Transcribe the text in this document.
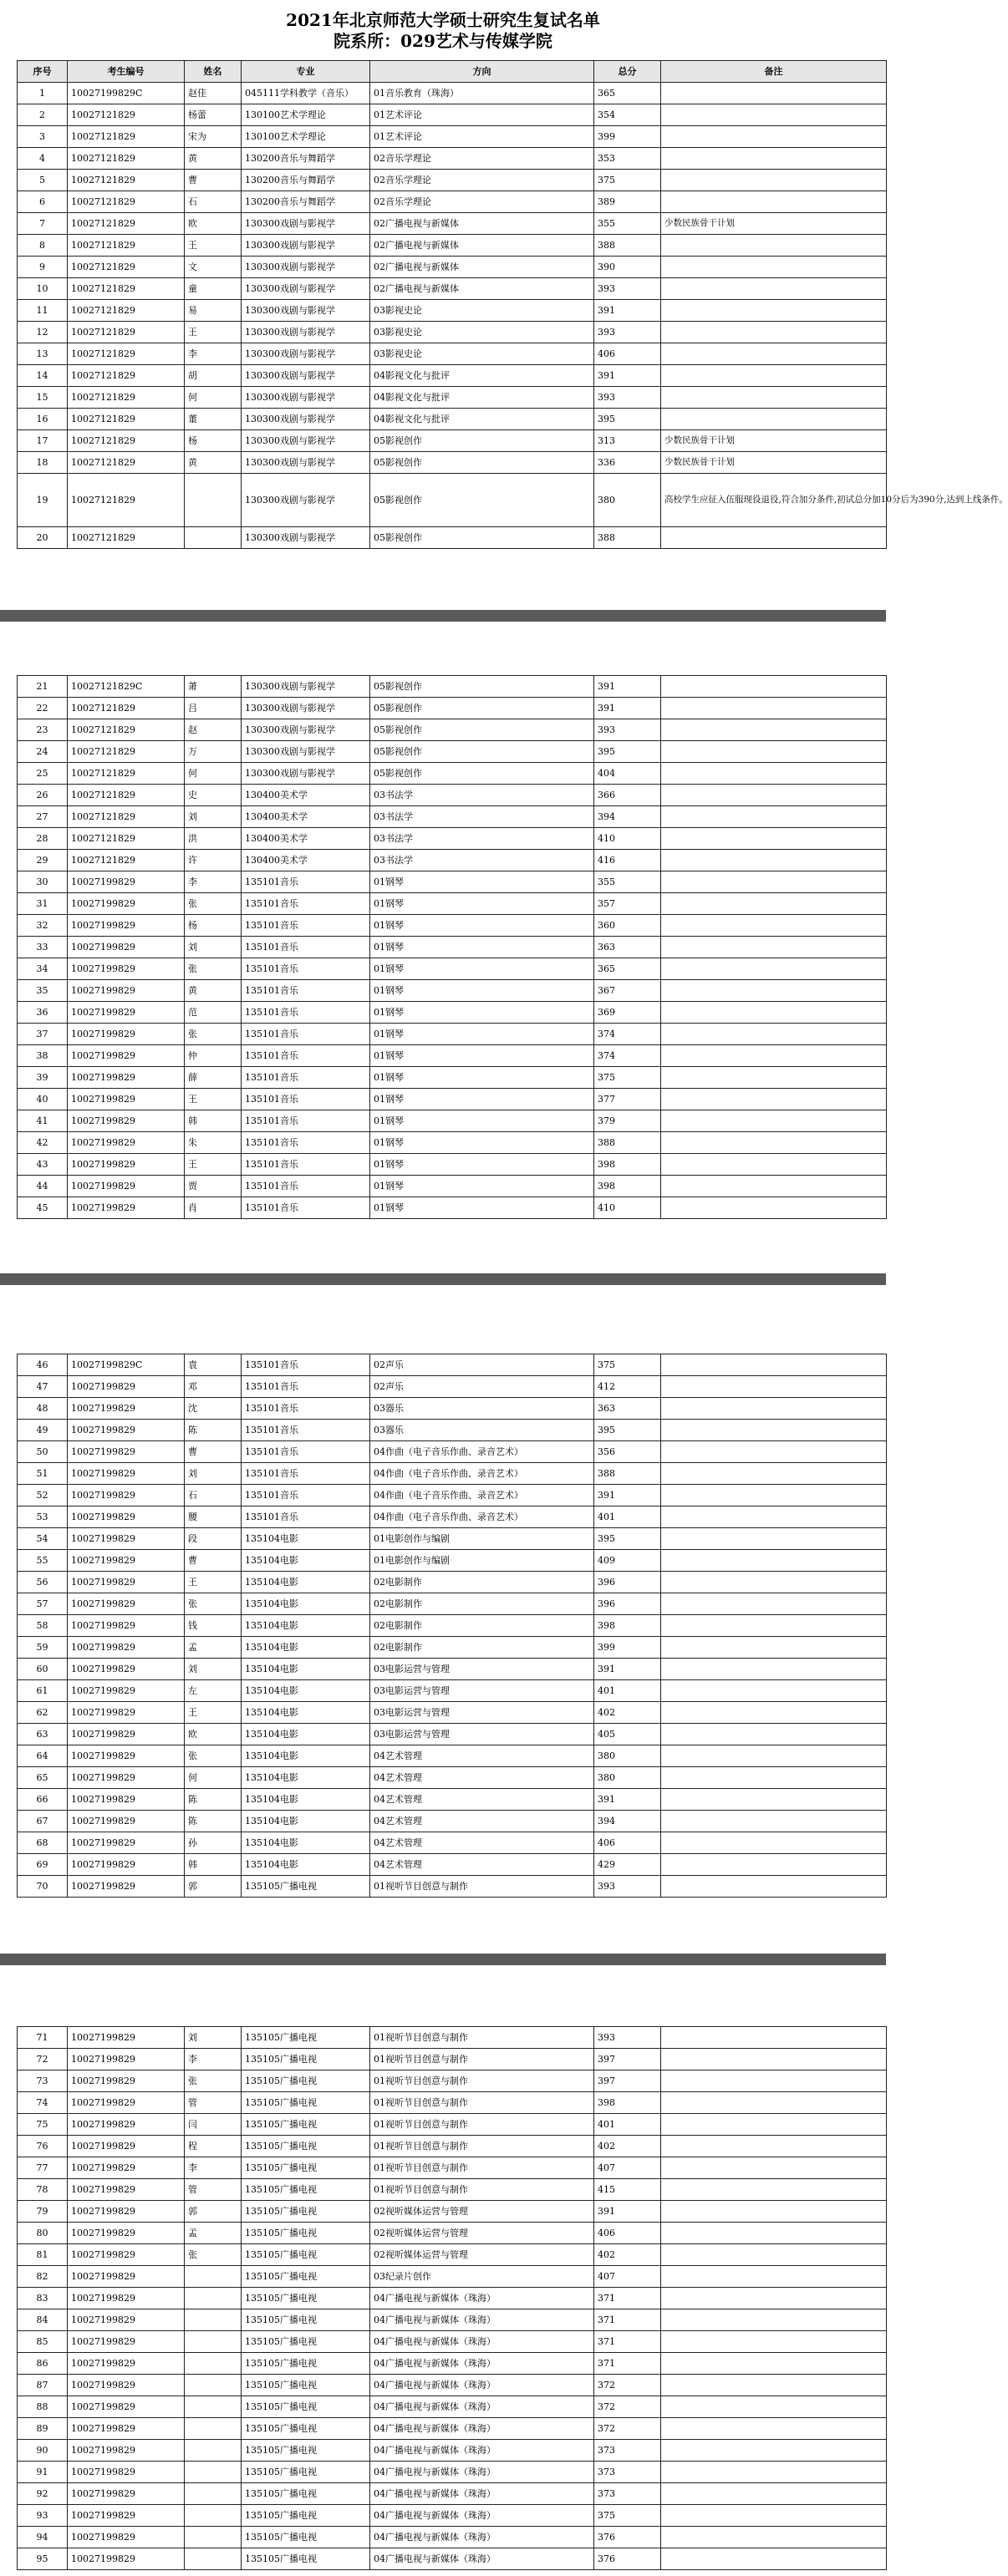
2021年北京师范大学硕士研究生复试名单
院系所：029艺术与传媒学院
序号	考生编号	姓名	专业	方向	总分	备注
1	10027199829C	赵佳	045111学科教学（音乐）	01音乐教育（珠海）	365	
2	10027121829	杨蕾	130100艺术学理论	01艺术评论	354	
3	10027121829	宋为	130100艺术学理论	01艺术评论	399	
4	10027121829	黄	130200音乐与舞蹈学	02音乐学理论	353	
5	10027121829	曹	130200音乐与舞蹈学	02音乐学理论	375	
6	10027121829	石	130200音乐与舞蹈学	02音乐学理论	389	
7	10027121829	欧	130300戏剧与影视学	02广播电视与新媒体	355	少数民族骨干计划
8	10027121829	王	130300戏剧与影视学	02广播电视与新媒体	388	
9	10027121829	文	130300戏剧与影视学	02广播电视与新媒体	390	
10	10027121829	童	130300戏剧与影视学	02广播电视与新媒体	393	
11	10027121829	易	130300戏剧与影视学	03影视史论	391	
12	10027121829	王	130300戏剧与影视学	03影视史论	393	
13	10027121829	李	130300戏剧与影视学	03影视史论	406	
14	10027121829	胡	130300戏剧与影视学	04影视文化与批评	391	
15	10027121829	何	130300戏剧与影视学	04影视文化与批评	393	
16	10027121829	董	130300戏剧与影视学	04影视文化与批评	395	
17	10027121829	杨	130300戏剧与影视学	05影视创作	313	少数民族骨干计划
18	10027121829	黄	130300戏剧与影视学	05影视创作	336	少数民族骨干计划
19	10027121829		130300戏剧与影视学	05影视创作	380	高校学生应征入伍服现役退役,符合加分条件,初试总分加10分后为390分,达到上线条件。
20	10027121829		130300戏剧与影视学	05影视创作	388	
21	10027121829C	萧	130300戏剧与影视学	05影视创作	391	
22	10027121829	吕	130300戏剧与影视学	05影视创作	391	
23	10027121829	赵	130300戏剧与影视学	05影视创作	393	
24	10027121829	万	130300戏剧与影视学	05影视创作	395	
25	10027121829	何	130300戏剧与影视学	05影视创作	404	
26	10027121829	史	130400美术学	03书法学	366	
27	10027121829	刘	130400美术学	03书法学	394	
28	10027121829	洪	130400美术学	03书法学	410	
29	10027121829	许	130400美术学	03书法学	416	
30	10027199829	李	135101音乐	01钢琴	355	
31	10027199829	张	135101音乐	01钢琴	357	
32	10027199829	杨	135101音乐	01钢琴	360	
33	10027199829	刘	135101音乐	01钢琴	363	
34	10027199829	张	135101音乐	01钢琴	365	
35	10027199829	黄	135101音乐	01钢琴	367	
36	10027199829	范	135101音乐	01钢琴	369	
37	10027199829	张	135101音乐	01钢琴	374	
38	10027199829	仲	135101音乐	01钢琴	374	
39	10027199829	薛	135101音乐	01钢琴	375	
40	10027199829	王	135101音乐	01钢琴	377	
41	10027199829	韩	135101音乐	01钢琴	379	
42	10027199829	朱	135101音乐	01钢琴	388	
43	10027199829	王	135101音乐	01钢琴	398	
44	10027199829	贾	135101音乐	01钢琴	398	
45	10027199829	肖	135101音乐	01钢琴	410	
46	10027199829C	袁	135101音乐	02声乐	375	
47	10027199829	邓	135101音乐	02声乐	412	
48	10027199829	沈	135101音乐	03器乐	363	
49	10027199829	陈	135101音乐	03器乐	395	
50	10027199829	曹	135101音乐	04作曲（电子音乐作曲、录音艺术）	356	
51	10027199829	刘	135101音乐	04作曲（电子音乐作曲、录音艺术）	388	
52	10027199829	石	135101音乐	04作曲（电子音乐作曲、录音艺术）	391	
53	10027199829	腰	135101音乐	04作曲（电子音乐作曲、录音艺术）	401	
54	10027199829	段	135104电影	01电影创作与编剧	395	
55	10027199829	曹	135104电影	01电影创作与编剧	409	
56	10027199829	王	135104电影	02电影制作	396	
57	10027199829	张	135104电影	02电影制作	396	
58	10027199829	钱	135104电影	02电影制作	398	
59	10027199829	孟	135104电影	02电影制作	399	
60	10027199829	刘	135104电影	03电影运营与管理	391	
61	10027199829	左	135104电影	03电影运营与管理	401	
62	10027199829	王	135104电影	03电影运营与管理	402	
63	10027199829	欧	135104电影	03电影运营与管理	405	
64	10027199829	张	135104电影	04艺术管理	380	
65	10027199829	何	135104电影	04艺术管理	380	
66	10027199829	陈	135104电影	04艺术管理	391	
67	10027199829	陈	135104电影	04艺术管理	394	
68	10027199829	孙	135104电影	04艺术管理	406	
69	10027199829	韩	135104电影	04艺术管理	429	
70	10027199829	郭	135105广播电视	01视听节目创意与制作	393	
71	10027199829	刘	135105广播电视	01视听节目创意与制作	393	
72	10027199829	李	135105广播电视	01视听节目创意与制作	397	
73	10027199829	张	135105广播电视	01视听节目创意与制作	397	
74	10027199829	管	135105广播电视	01视听节目创意与制作	398	
75	10027199829	闫	135105广播电视	01视听节目创意与制作	401	
76	10027199829	程	135105广播电视	01视听节目创意与制作	402	
77	10027199829	李	135105广播电视	01视听节目创意与制作	407	
78	10027199829	管	135105广播电视	01视听节目创意与制作	415	
79	10027199829	郭	135105广播电视	02视听媒体运营与管理	391	
80	10027199829	孟	135105广播电视	02视听媒体运营与管理	406	
81	10027199829	张	135105广播电视	02视听媒体运营与管理	402	
82	10027199829		135105广播电视	03纪录片创作	407	
83	10027199829		135105广播电视	04广播电视与新媒体（珠海）	371	
84	10027199829		135105广播电视	04广播电视与新媒体（珠海）	371	
85	10027199829		135105广播电视	04广播电视与新媒体（珠海）	371	
86	10027199829		135105广播电视	04广播电视与新媒体（珠海）	371	
87	10027199829		135105广播电视	04广播电视与新媒体（珠海）	372	
88	10027199829		135105广播电视	04广播电视与新媒体（珠海）	372	
89	10027199829		135105广播电视	04广播电视与新媒体（珠海）	372	
90	10027199829		135105广播电视	04广播电视与新媒体（珠海）	373	
91	10027199829		135105广播电视	04广播电视与新媒体（珠海）	373	
92	10027199829		135105广播电视	04广播电视与新媒体（珠海）	373	
93	10027199829		135105广播电视	04广播电视与新媒体（珠海）	375	
94	10027199829		135105广播电视	04广播电视与新媒体（珠海）	376	
95	10027199829		135105广播电视	04广播电视与新媒体（珠海）	376	
